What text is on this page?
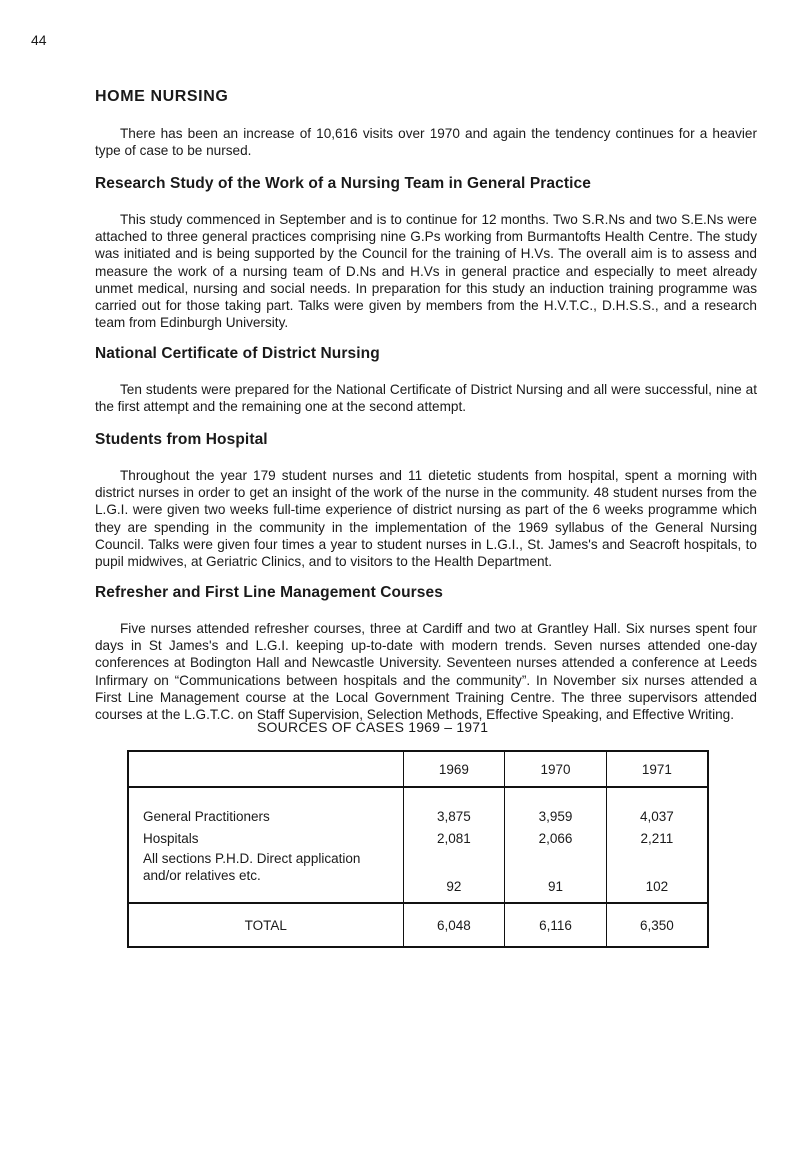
44
HOME NURSING

There has been an increase of 10,616 visits over 1970 and again the tendency continues for a heavier type of case to be nursed.

Research Study of the Work of a Nursing Team in General Practice

This study commenced in September and is to continue for 12 months. Two S.R.Ns and two S.E.Ns were attached to three general practices comprising nine G.Ps working from Burmantofts Health Centre. The study was initiated and is being supported by the Council for the training of H.Vs. The overall aim is to assess and measure the work of a nursing team of D.Ns and H.Vs in general practice and especially to meet already unmet medical, nursing and social needs. In preparation for this study an induction training programme was carried out for those taking part. Talks were given by members from the H.V.T.C., D.H.S.S., and a research team from Edinburgh University.

National Certificate of District Nursing

Ten students were prepared for the National Certificate of District Nursing and all were successful, nine at the first attempt and the remaining one at the second attempt.

Students from Hospital

Throughout the year 179 student nurses and 11 dietetic students from hospital, spent a morning with district nurses in order to get an insight of the work of the nurse in the community. 48 student nurses from the L.G.I. were given two weeks full-time experience of district nursing as part of the 6 weeks programme which they are spending in the community in the implementation of the 1969 syllabus of the General Nursing Council. Talks were given four times a year to student nurses in L.G.I., St. James's and Seacroft hospitals, to pupil midwives, at Geriatric Clinics, and to visitors to the Health Department.

Refresher and First Line Management Courses

Five nurses attended refresher courses, three at Cardiff and two at Grantley Hall. Six nurses spent four days in St James's and L.G.I. keeping up-to-date with modern trends. Seven nurses attended one-day conferences at Bodington Hall and Newcastle University. Seventeen nurses attended a conference at Leeds Infirmary on “Communications between hospitals and the community”. In November six nurses attended a First Line Management course at the Local Government Training Centre. The three supervisors attended courses at the L.G.T.C. on Staff Supervision, Selection Methods, Effective Speaking, and Effective Writing.

SOURCES OF CASES 1969 – 1971
	1969	1970	1971
General Practitioners	3,875	3,959	4,037
Hospitals	2,081	2,066	2,211
All sections P.H.D. Direct application
and/or relatives etc.	92	91	102
TOTAL	6,048	6,116	6,350
